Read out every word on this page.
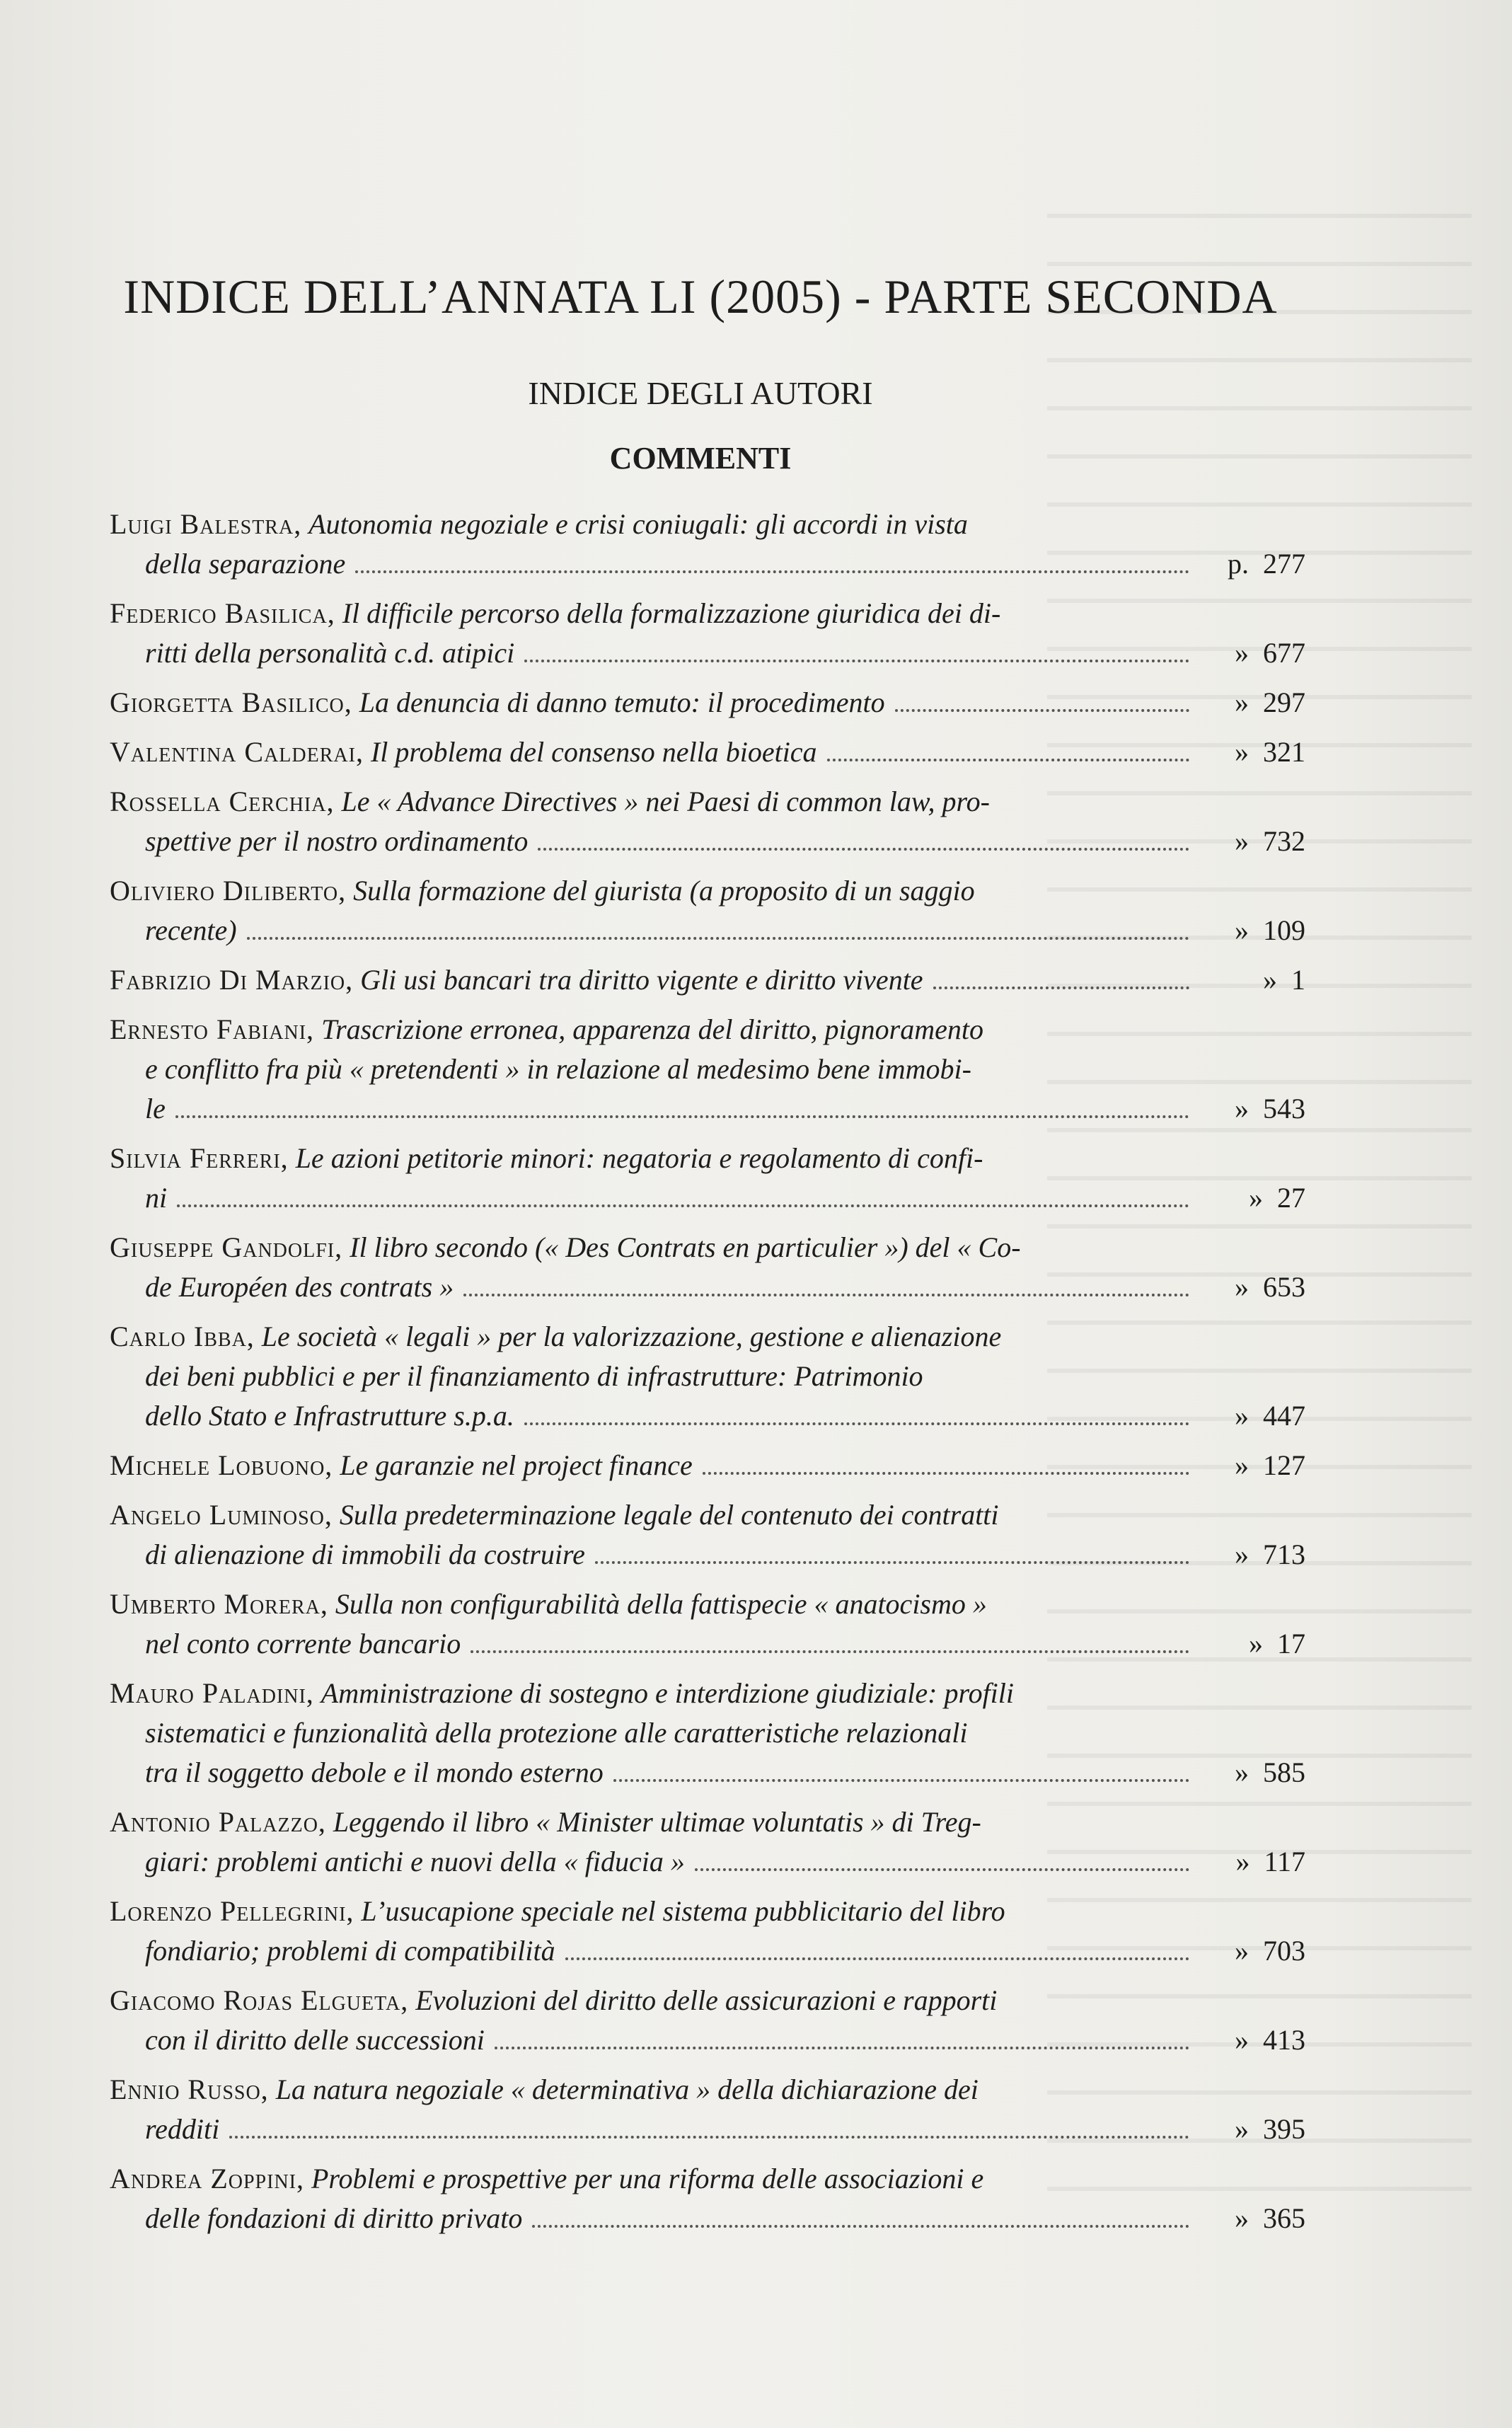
INDICE DELL’ANNATA LI (2005) - PARTE SECONDA
INDICE DEGLI AUTORI
COMMENTI
Luigi Balestra, Autonomia negoziale e crisi coniugali: gli accordi in vista
della separazione	p.  277
Federico Basilica, Il difficile percorso della formalizzazione giuridica dei di-
ritti della personalità c.d. atipici	»  677
Giorgetta Basilico, La denuncia di danno temuto: il procedimento	»  297
Valentina Calderai, Il problema del consenso nella bioetica	»  321
Rossella Cerchia, Le « Advance Directives » nei Paesi di common law, pro-
spettive per il nostro ordinamento	»  732
Oliviero Diliberto, Sulla formazione del giurista (a proposito di un saggio
recente)	»  109
Fabrizio Di Marzio, Gli usi bancari tra diritto vigente e diritto vivente	»  1
Ernesto Fabiani, Trascrizione erronea, apparenza del diritto, pignoramento
e conflitto fra più « pretendenti » in relazione al medesimo bene immobi-
le	»  543
Silvia Ferreri, Le azioni petitorie minori: negatoria e regolamento di confi-
ni	»  27
Giuseppe Gandolfi, Il libro secondo (« Des Contrats en particulier ») del « Co-
de Européen des contrats »	»  653
Carlo Ibba, Le società « legali » per la valorizzazione, gestione e alienazione
dei beni pubblici e per il finanziamento di infrastrutture: Patrimonio
dello Stato e Infrastrutture s.p.a.	»  447
Michele Lobuono, Le garanzie nel project finance	»  127
Angelo Luminoso, Sulla predeterminazione legale del contenuto dei contratti
di alienazione di immobili da costruire	»  713
Umberto Morera, Sulla non configurabilità della fattispecie « anatocismo »
nel conto corrente bancario	»  17
Mauro Paladini, Amministrazione di sostegno e interdizione giudiziale: profili
sistematici e funzionalità della protezione alle caratteristiche relazionali
tra il soggetto debole e il mondo esterno	»  585
Antonio Palazzo, Leggendo il libro « Minister ultimae voluntatis » di Treg-
giari: problemi antichi e nuovi della « fiducia »	»  117
Lorenzo Pellegrini, L’usucapione speciale nel sistema pubblicitario del libro
fondiario; problemi di compatibilità	»  703
Giacomo Rojas Elgueta, Evoluzioni del diritto delle assicurazioni e rapporti
con il diritto delle successioni	»  413
Ennio Russo, La natura negoziale « determinativa » della dichiarazione dei
redditi	»  395
Andrea Zoppini, Problemi e prospettive per una riforma delle associazioni e
delle fondazioni di diritto privato	»  365
